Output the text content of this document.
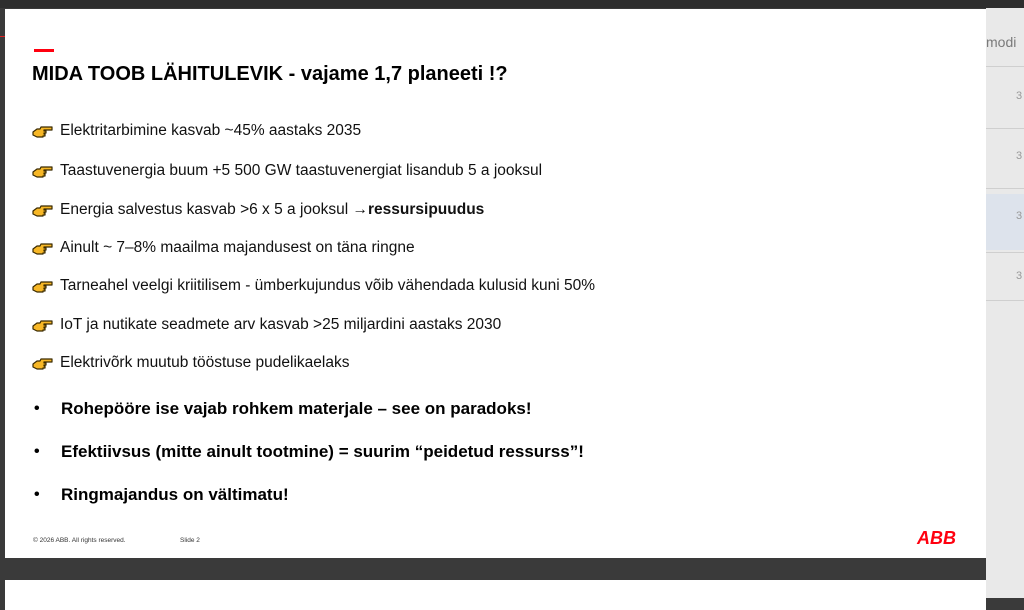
MIDA TOOB LÄHITULEVIK - vajame 1,7 planeeti !?
Elektritarbimine kasvab ~45% aastaks 2035
Taastuvenergia buum +5 500 GW taastuvenergiat lisandub 5 a jooksul
Energia salvestus kasvab >6 x 5 a jooksul → ressursipuudus
Ainult ~ 7–8% maailma majandusest on täna ringne
Tarneahel veelgi kriitilisem - ümberkujundus võib vähendada kulusid kuni 50%
IoT ja nutikate seadmete arv kasvab >25 miljardini aastaks 2030
Elektrivõrk muutub tööstuse pudelikaelaks
•	Rohepööre ise vajab rohkem materjale – see on paradoks!
•	Efektiivsus (mitte ainult tootmine) = suurim “peidetud ressurss”!
•	Ringmajandus on vältimatu!
© 2026 ABB. All rights reserved.	Slide 2	ABB
modi
3
3
3
3
